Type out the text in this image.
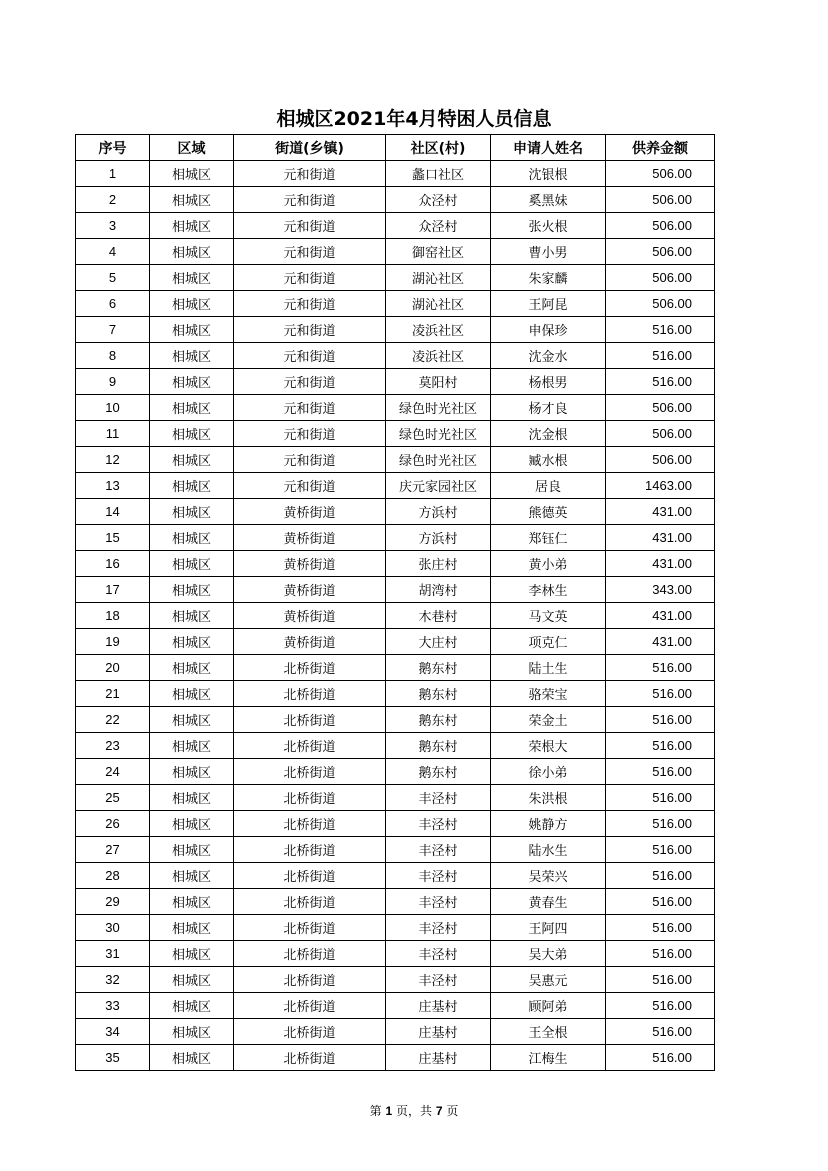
相城区2021年4月特困人员信息
序号	区域	街道(乡镇)	社区(村)	申请人姓名	供养金额
1	相城区	元和街道	蠡口社区	沈银根	506.00
2	相城区	元和街道	众泾村	奚黑妹	506.00
3	相城区	元和街道	众泾村	张火根	506.00
4	相城区	元和街道	御窑社区	曹小男	506.00
5	相城区	元和街道	湖沁社区	朱家麟	506.00
6	相城区	元和街道	湖沁社区	王阿昆	506.00
7	相城区	元和街道	凌浜社区	申保珍	516.00
8	相城区	元和街道	凌浜社区	沈金水	516.00
9	相城区	元和街道	莫阳村	杨根男	516.00
10	相城区	元和街道	绿色时光社区	杨才良	506.00
11	相城区	元和街道	绿色时光社区	沈金根	506.00
12	相城区	元和街道	绿色时光社区	臧水根	506.00
13	相城区	元和街道	庆元家园社区	居良	1463.00
14	相城区	黄桥街道	方浜村	熊德英	431.00
15	相城区	黄桥街道	方浜村	郑钰仁	431.00
16	相城区	黄桥街道	张庄村	黄小弟	431.00
17	相城区	黄桥街道	胡湾村	李林生	343.00
18	相城区	黄桥街道	木巷村	马文英	431.00
19	相城区	黄桥街道	大庄村	项克仁	431.00
20	相城区	北桥街道	鹅东村	陆土生	516.00
21	相城区	北桥街道	鹅东村	骆荣宝	516.00
22	相城区	北桥街道	鹅东村	荣金土	516.00
23	相城区	北桥街道	鹅东村	荣根大	516.00
24	相城区	北桥街道	鹅东村	徐小弟	516.00
25	相城区	北桥街道	丰泾村	朱洪根	516.00
26	相城区	北桥街道	丰泾村	姚静方	516.00
27	相城区	北桥街道	丰泾村	陆水生	516.00
28	相城区	北桥街道	丰泾村	吴荣兴	516.00
29	相城区	北桥街道	丰泾村	黄春生	516.00
30	相城区	北桥街道	丰泾村	王阿四	516.00
31	相城区	北桥街道	丰泾村	吴大弟	516.00
32	相城区	北桥街道	丰泾村	吴惠元	516.00
33	相城区	北桥街道	庄基村	顾阿弟	516.00
34	相城区	北桥街道	庄基村	王全根	516.00
35	相城区	北桥街道	庄基村	江梅生	516.00
第 1 页，共 7 页
